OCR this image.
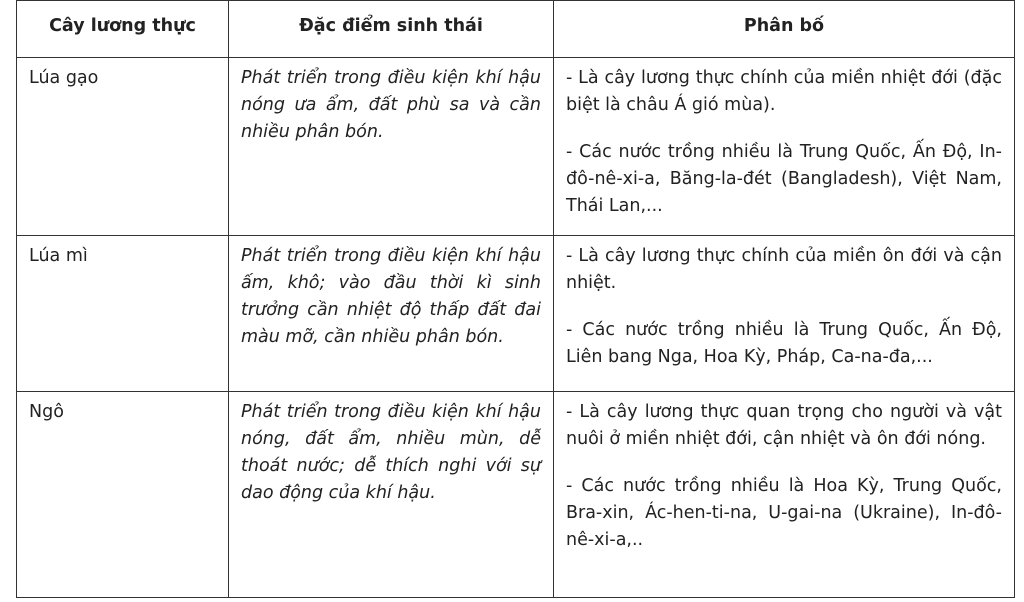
Cây lương thực	Đặc điểm sinh thái	Phân bố
Lúa gạo	Phát triển trong điều kiện khí hậu nóng ưa ẩm, đất phù sa và cần nhiều phân bón.	- Là cây lương thực chính của miền nhiệt đới (đặc biệt là châu Á gió mùa).

- Các nước trồng nhiều là Trung Quốc, Ấn Độ, In-đô-nê-xi-a, Băng-la-đét (Bangladesh), Việt Nam, Thái Lan,...

Lúa mì	Phát triển trong điều kiện khí hậu ấm, khô; vào đầu thời kì sinh trưởng cần nhiệt độ thấp đất đai màu mỡ, cần nhiều phân bón.	- Là cây lương thực chính của miền ôn đới và cận nhiệt.

- Các nước trồng nhiều là Trung Quốc, Ấn Độ, Liên bang Nga, Hoa Kỳ, Pháp, Ca-na-đa,...

Ngô	Phát triển trong điều kiện khí hậu nóng, đất ẩm, nhiều mùn, dễ thoát nước; dễ thích nghi với sự dao động của khí hậu.	- Là cây lương thực quan trọng cho người và vật nuôi ở miền nhiệt đới, cận nhiệt và ôn đới nóng.

- Các nước trồng nhiều là Hoa Kỳ, Trung Quốc, Bra-xin, Ác-hen-ti-na, U-gai-na (Ukraine), In-đô-nê-xi-a,..
